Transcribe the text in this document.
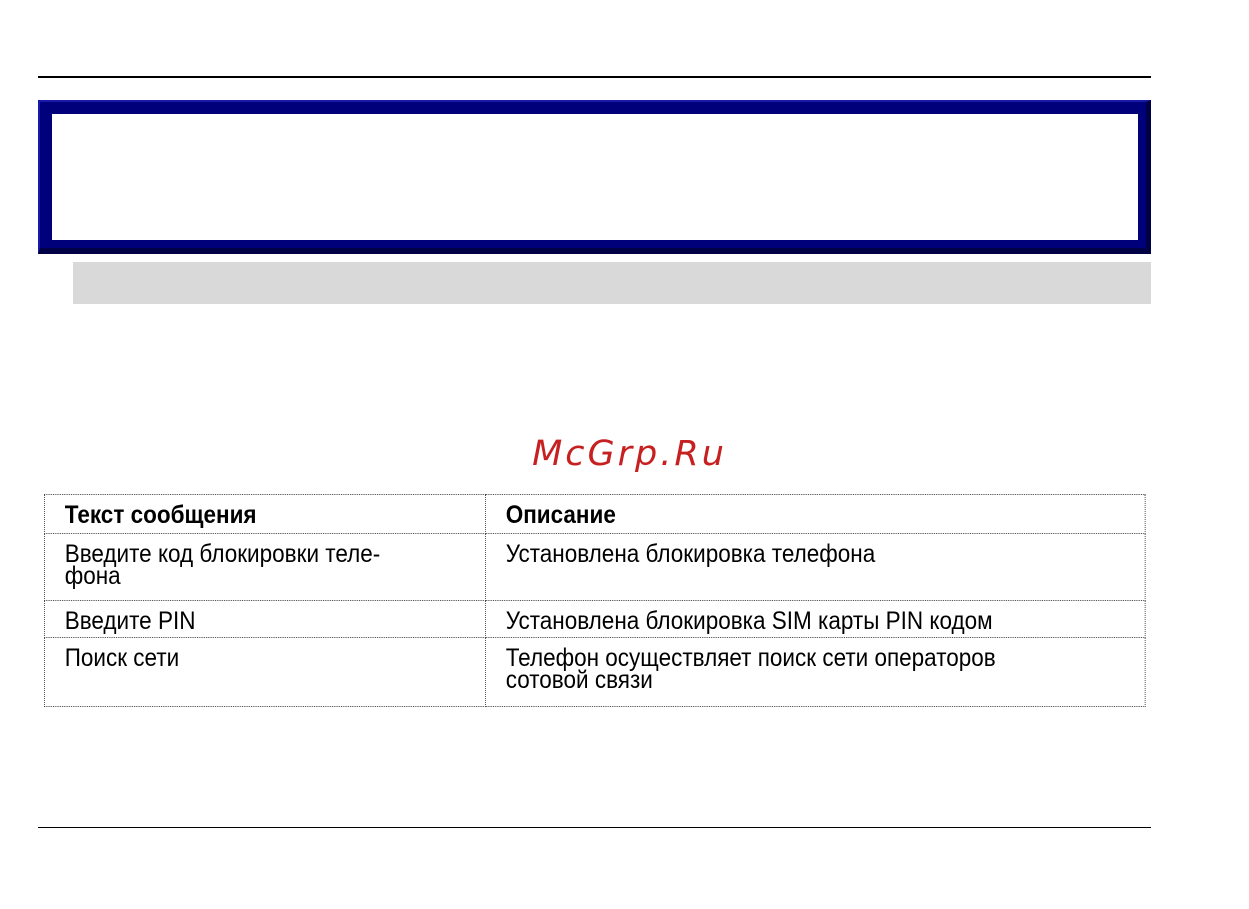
McGrp.Ru
Текст сообщения	Описание
Введите код блокировки теле-
фона	Установлена блокировка телефона
Введите PIN	Установлена блокировка SIM карты PIN кодом
Поиск сети	Телефон осуществляет поиск сети операторов
сотовой связи
